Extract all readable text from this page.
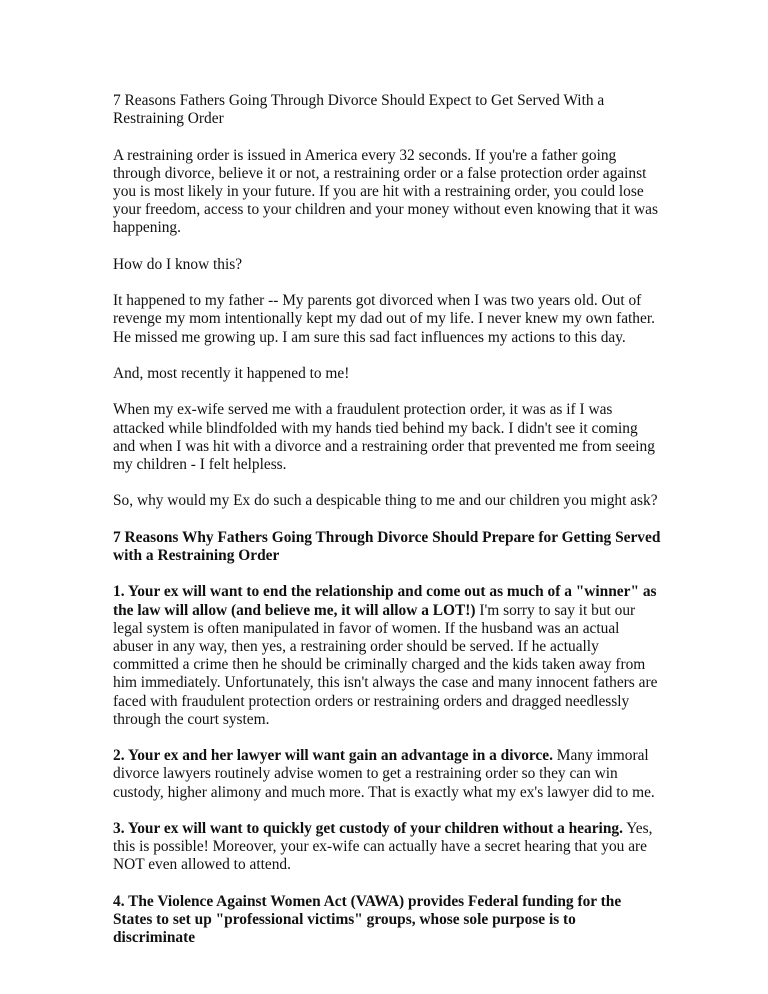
7 Reasons Fathers Going Through Divorce Should Expect to Get Served With a Restraining Order

A restraining order is issued in America every 32 seconds. If you're a father going through divorce, believe it or not, a restraining order or a false protection order against you is most likely in your future. If you are hit with a restraining order, you could lose your freedom, access to your children and your money without even knowing that it was happening.

How do I know this?

It happened to my father -- My parents got divorced when I was two years old. Out of revenge my mom intentionally kept my dad out of my life. I never knew my own father. He missed me growing up. I am sure this sad fact influences my actions to this day.

And, most recently it happened to me!

When my ex-wife served me with a fraudulent protection order, it was as if I was attacked while blindfolded with my hands tied behind my back. I didn't see it coming and when I was hit with a divorce and a restraining order that prevented me from seeing my children - I felt helpless.

So, why would my Ex do such a despicable thing to me and our children you might ask?

7 Reasons Why Fathers Going Through Divorce Should Prepare for Getting Served with a Restraining Order

1. Your ex will want to end the relationship and come out as much of a "winner" as the law will allow (and believe me, it will allow a LOT!) I'm sorry to say it but our legal system is often manipulated in favor of women. If the husband was an actual abuser in any way, then yes, a restraining order should be served. If he actually committed a crime then he should be criminally charged and the kids taken away from him immediately. Unfortunately, this isn't always the case and many innocent fathers are faced with fraudulent protection orders or restraining orders and dragged needlessly through the court system.

2. Your ex and her lawyer will want gain an advantage in a divorce. Many immoral divorce lawyers routinely advise women to get a restraining order so they can win custody, higher alimony and much more. That is exactly what my ex's lawyer did to me.

3. Your ex will want to quickly get custody of your children without a hearing. Yes, this is possible! Moreover, your ex-wife can actually have a secret hearing that you are NOT even allowed to attend.

4. The Violence Against Women Act (VAWA) provides Federal funding for the States to set up "professional victims" groups, whose sole purpose is to discriminate
